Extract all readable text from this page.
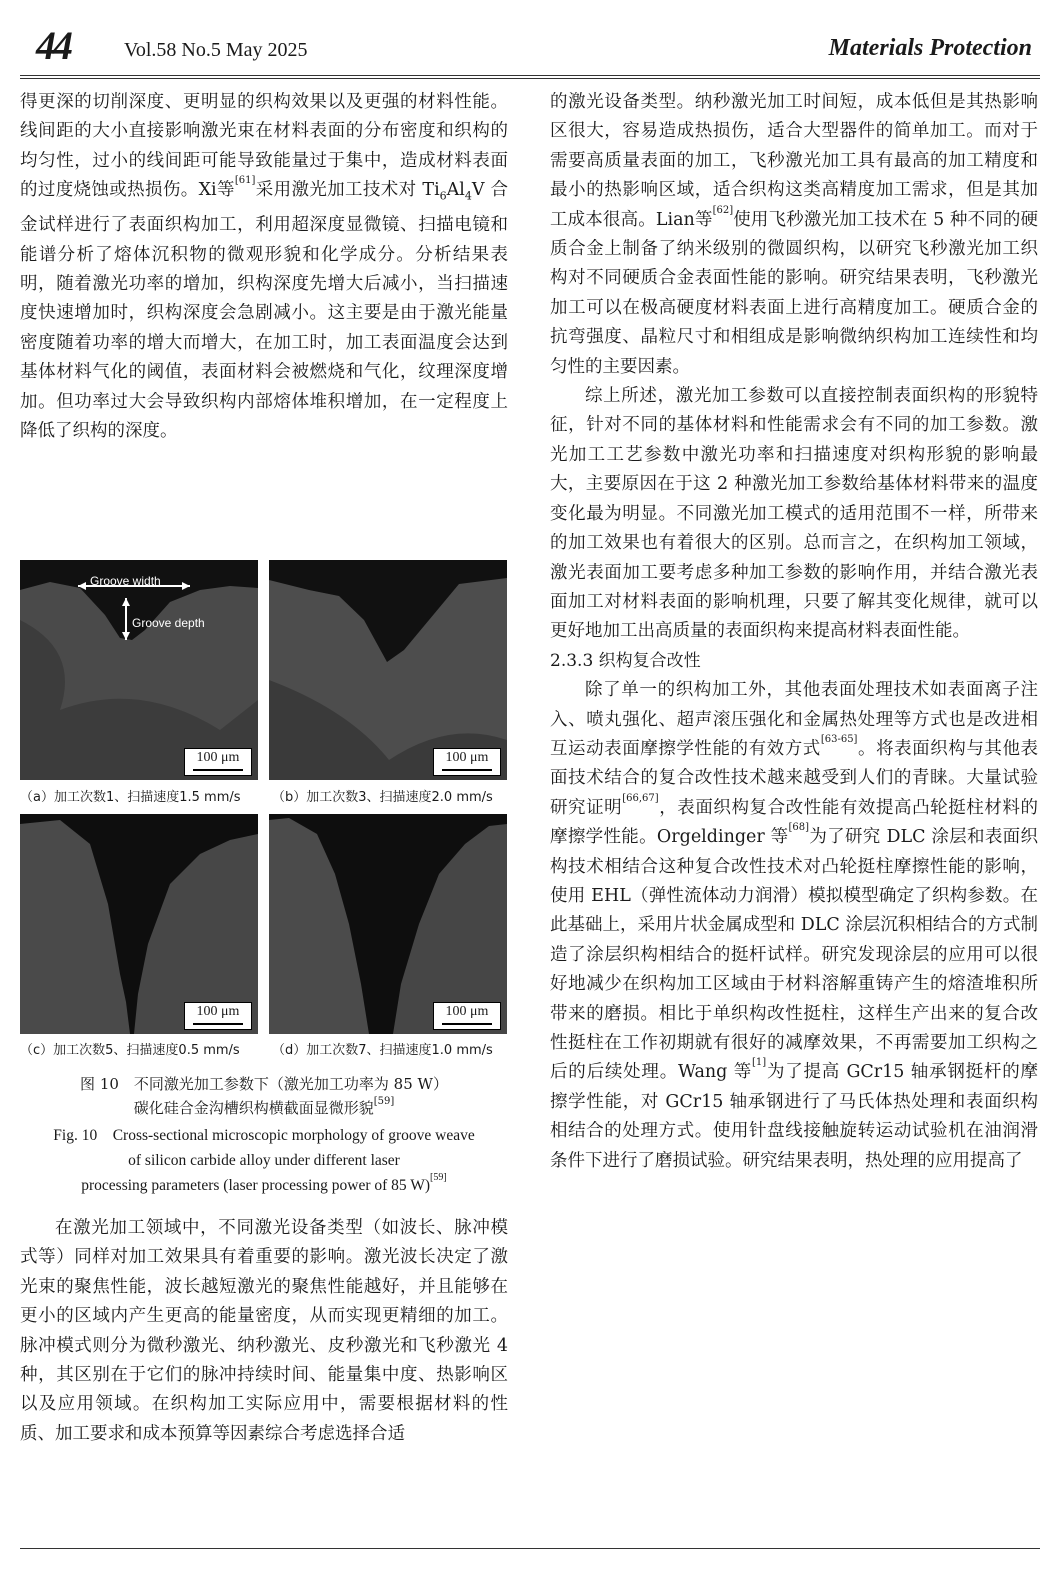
44	Vol.58 No.5 May 2025	Materials Protection

得更深的切削深度、更明显的织构效果以及更强的材料性能。线间距的大小直接影响激光束在材料表面的分布密度和织构的均匀性，过小的线间距可能导致能量过于集中，造成材料表面的过度烧蚀或热损伤。Xi等[61]采用激光加工技术对 $Ti_6Al_4V$ 合金试样进行了表面织构加工，利用超深度显微镜、扫描电镜和能谱分析了熔体沉积物的微观形貌和化学成分。分析结果表明，随着激光功率的增加，织构深度先增大后减小，当扫描速度快速增加时，织构深度会急剧减小。这主要是由于激光能量密度随着功率的增大而增大，在加工时，加工表面温度会达到基体材料气化的阈值，表面材料会被燃烧和气化，纹理深度增加。但功率过大会导致织构内部熔体堆积增加，在一定程度上降低了织构的深度。

Groove width
Groove depth
100 μm	100 μm
（a）加工次数1、扫描速度1.5 mm/s （b）加工次数3、扫描速度2.0 mm/s
100 μm	100 μm
（c）加工次数5、扫描速度0.5 mm/s （d）加工次数7、扫描速度1.0 mm/s
图 10　不同激光加工参数下（激光加工功率为 85 W）
碳化硅合金沟槽织构横截面显微形貌[59]
Fig. 10　Cross-sectional microscopic morphology of groove weave
of silicon carbide alloy under different laser
processing parameters (laser processing power of 85 W)[59]

在激光加工领域中，不同激光设备类型（如波长、脉冲模式等）同样对加工效果具有着重要的影响。激光波长决定了激光束的聚焦性能，波长越短激光的聚焦性能越好，并且能够在更小的区域内产生更高的能量密度，从而实现更精细的加工。脉冲模式则分为微秒激光、纳秒激光、皮秒激光和飞秒激光 4 种，其区别在于它们的脉冲持续时间、能量集中度、热影响区以及应用领域。在织构加工实际应用中，需要根据材料的性质、加工要求和成本预算等因素综合考虑选择合适

的激光设备类型。纳秒激光加工时间短，成本低但是其热影响区很大，容易造成热损伤，适合大型器件的简单加工。而对于需要高质量表面的加工，飞秒激光加工具有最高的加工精度和最小的热影响区域，适合织构这类高精度加工需求，但是其加工成本很高。Lian等[62]使用飞秒激光加工技术在 5 种不同的硬质合金上制备了纳米级别的微圆织构，以研究飞秒激光加工织构对不同硬质合金表面性能的影响。研究结果表明，飞秒激光加工可以在极高硬度材料表面上进行高精度加工。硬质合金的抗弯强度、晶粒尺寸和相组成是影响微纳织构加工连续性和均匀性的主要因素。

综上所述，激光加工参数可以直接控制表面织构的形貌特征，针对不同的基体材料和性能需求会有不同的加工参数。激光加工工艺参数中激光功率和扫描速度对织构形貌的影响最大，主要原因在于这 2 种激光加工参数给基体材料带来的温度变化最为明显。不同激光加工模式的适用范围不一样，所带来的加工效果也有着很大的区别。总而言之，在织构加工领域，激光表面加工要考虑多种加工参数的影响作用，并结合激光表面加工对材料表面的影响机理，只要了解其变化规律，就可以更好地加工出高质量的表面织构来提高材料表面性能。

2.3.3 织构复合改性

除了单一的织构加工外，其他表面处理技术如表面离子注入、喷丸强化、超声滚压强化和金属热处理等方式也是改进相互运动表面摩擦学性能的有效方式[63-65]。将表面织构与其他表面技术结合的复合改性技术越来越受到人们的青睐。大量试验研究证明[66,67]，表面织构复合改性能有效提高凸轮挺柱材料的摩擦学性能。Orgeldinger 等[68]为了研究 DLC 涂层和表面织构技术相结合这种复合改性技术对凸轮挺柱摩擦性能的影响，使用 EHL（弹性流体动力润滑）模拟模型确定了织构参数。在此基础上，采用片状金属成型和 DLC 涂层沉积相结合的方式制造了涂层织构相结合的挺杆试样。研究发现涂层的应用可以很好地减少在织构加工区域由于材料溶解重铸产生的熔渣堆积所带来的磨损。相比于单织构改性挺柱，这样生产出来的复合改性挺柱在工作初期就有很好的减摩效果，不再需要加工织构之后的后续处理。Wang 等[1]为了提高 GCr15 轴承钢挺杆的摩擦学性能，对 GCr15 轴承钢进行了马氏体热处理和表面织构相结合的处理方式。使用针盘线接触旋转运动试验机在油润滑条件下进行了磨损试验。研究结果表明，热处理的应用提高了
